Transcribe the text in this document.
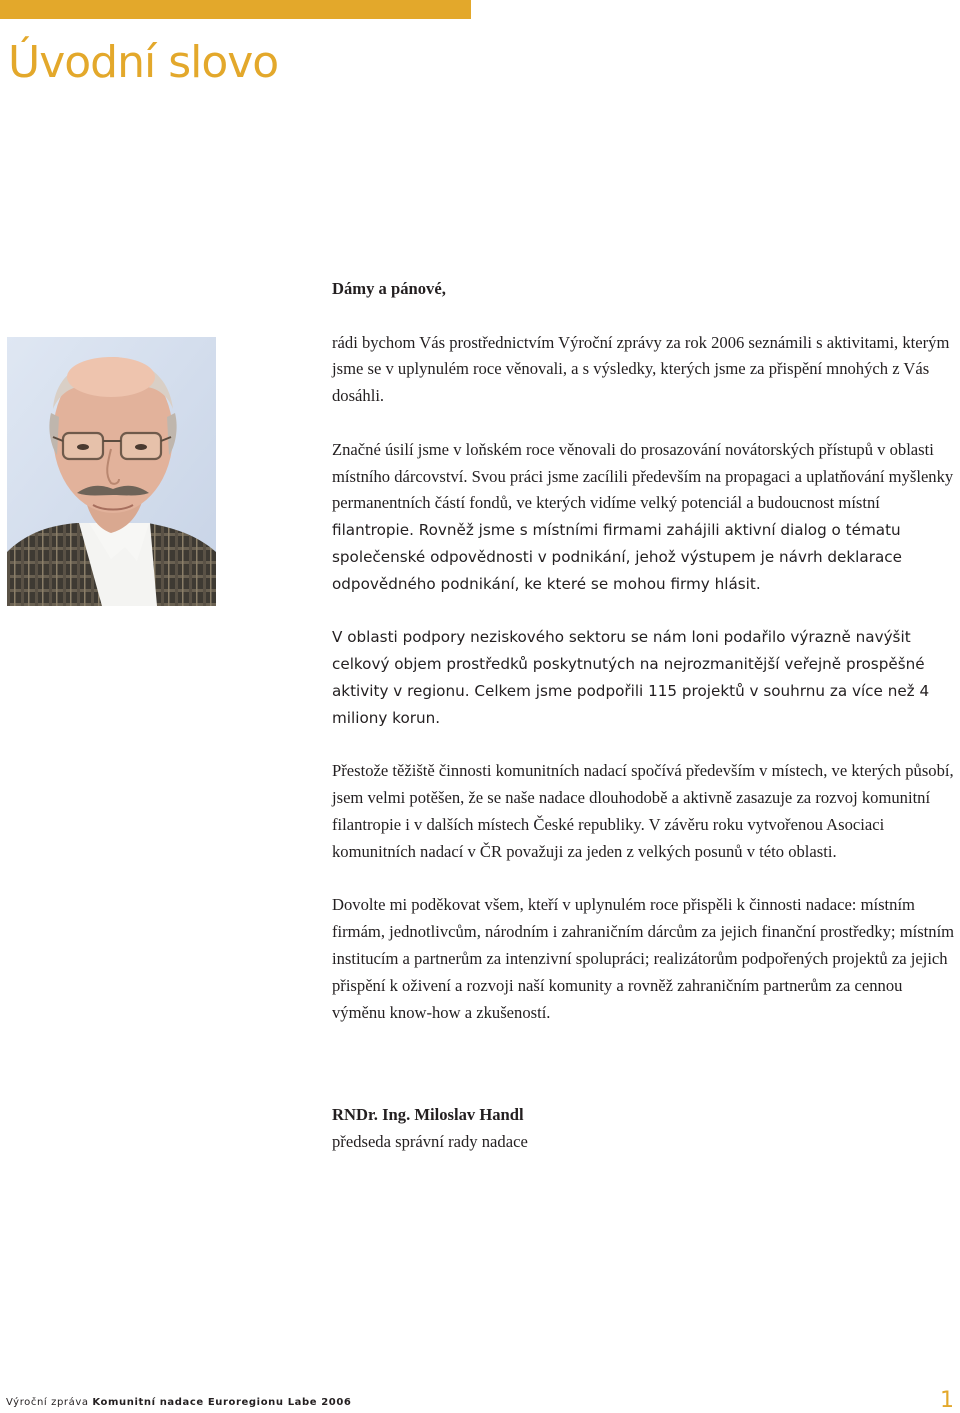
Úvodní slovo

Dámy a pánové,

rádi bychom Vás prostřednictvím Výroční zprávy za rok 2006 seznámili s aktivitami, kterým jsme se v uplynulém roce věnovali, a s výsledky, kterých jsme za přispění mnohých z Vás dosáhli.

Značné úsilí jsme v loňském roce věnovali do prosazování novátorských přístupů v oblasti místního dárcovství. Svou práci jsme zacílili především na propagaci a uplatňování myšlenky permanentních částí fondů, ve kterých vidíme velký potenciál a budoucnost místní filantropie. Rovněž jsme s místními firmami zahájili aktivní dialog o tématu společenské odpovědnosti v podnikání, jehož výstupem je návrh deklarace odpovědného podnikání, ke které se mohou firmy hlásit.

V oblasti podpory neziskového sektoru se nám loni podařilo výrazně navýšit celkový objem prostředků poskytnutých na nejrozmanitější veřejně prospěšné aktivity v regionu. Celkem jsme podpořili 115 projektů v souhrnu za více než 4 miliony korun.

Přestože těžiště činnosti komunitních nadací spočívá především v místech, ve kterých působí, jsem velmi potěšen, že se naše nadace dlouhodobě a aktivně zasazuje za rozvoj komunitní filantropie i v dalších místech České republiky. V závěru roku vytvořenou Asociaci komunitních nadací v ČR považuji za jeden z velkých posunů v této oblasti.

Dovolte mi poděkovat všem, kteří v uplynulém roce přispěli k činnosti nadace: místním firmám, jednotlivcům, národním i zahraničním dárcům za jejich finanční prostředky; místním institucím a partnerům za intenzivní spolupráci; realizátorům podpořených projektů za jejich přispění k oživení a rozvoji naší komunity a rovněž zahraničním partnerům za cennou výměnu know-how a zkušeností.

RNDr. Ing. Miloslav Handl
předseda správní rady nadace
Výroční zpráva Komunitní nadace Euroregionu Labe 2006	1
